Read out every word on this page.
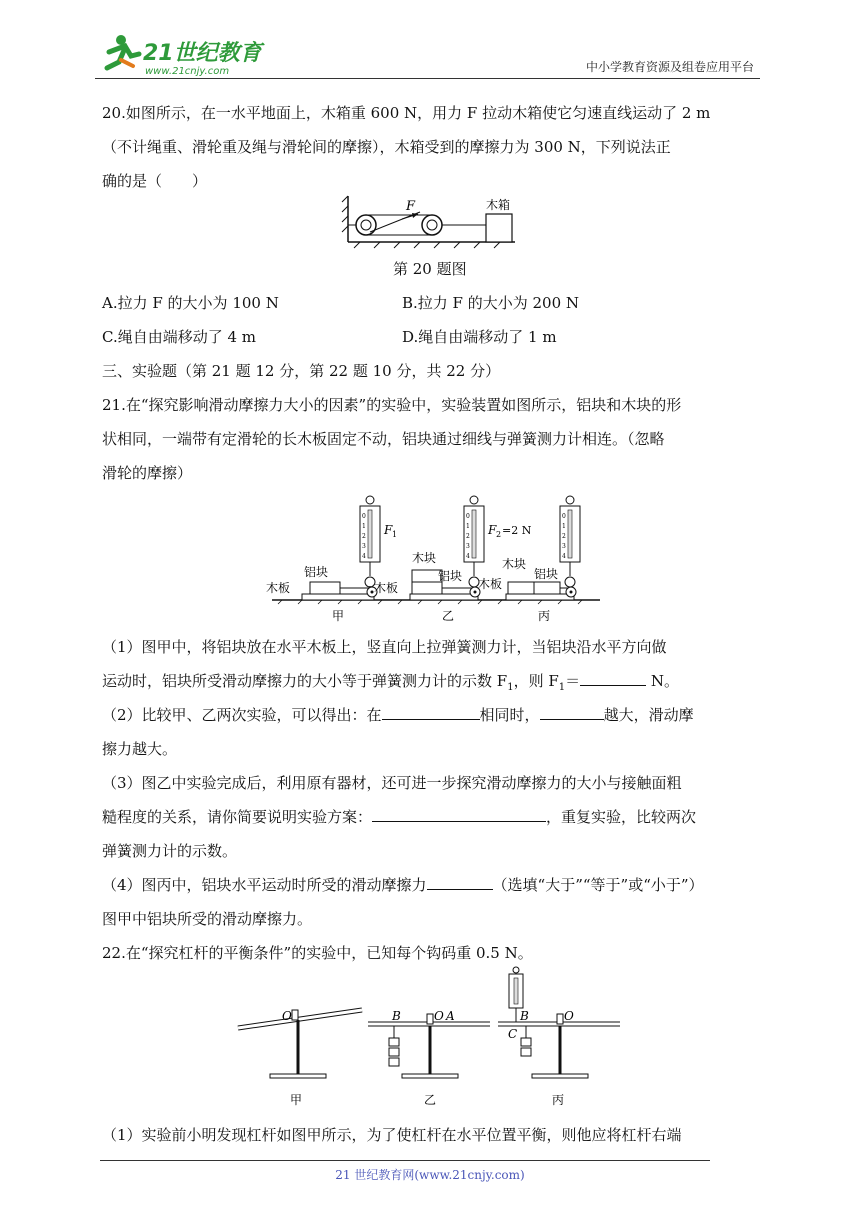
21世纪教育
www.21cnjy.com	中小学教育资源及组卷应用平台
20.如图所示，在一水平地面上，木箱重 600 N，用力 F 拉动木箱使它匀速直线运动了 2 m
（不计绳重、滑轮重及绳与滑轮间的摩擦），木箱受到的摩擦力为 300 N，下列说法正
确的是（　　）
F	木箱
第 20 题图
A.拉力 F 的大小为 100 N	B.拉力 F 的大小为 200 N
C.绳自由端移动了 4 m	D.绳自由端移动了 1 m
三、实验题（第 21 题 12 分，第 22 题 10 分，共 22 分）
21.在“探究影响滑动摩擦力大小的因素”的实验中，实验装置如图所示，铝块和木块的形
状相同，一端带有定滑轮的长木板固定不动，铝块通过细线与弹簧测力计相连。（忽略
滑轮的摩擦）
0
1
2
3
4
F 1
0
1
2
3
4
F 2 =2 N
0
1
2
3
4
铝块
木板
木块
木板
铝块
木板
木块
铝块
甲	乙	丙
（1）图甲中，将铝块放在水平木板上，竖直向上拉弹簧测力计，当铝块沿水平方向做
运动时，铝块所受滑动摩擦力的大小等于弹簧测力计的示数 $F_1$，则 $F_1=$	N。
（2）比较甲、乙两次实验，可以得出：在	相同时，	越大，滑动摩
擦力越大。
（3）图乙中实验完成后，利用原有器材，还可进一步探究滑动摩擦力的大小与接触面粗
糙程度的关系，请你简要说明实验方案：	，重复实验，比较两次
弹簧测力计的示数。
（4）图丙中，铝块水平运动时所受的滑动摩擦力	（选填“大于”“等于”或“小于”）
图甲中铝块所受的滑动摩擦力。
22.在“探究杠杆的平衡条件”的实验中，已知每个钩码重 0.5 N。
O	B	O A	B	O
C
甲	乙	丙
（1）实验前小明发现杠杆如图甲所示，为了使杠杆在水平位置平衡，则他应将杠杆右端
21 世纪教育网(www.21cnjy.com)
